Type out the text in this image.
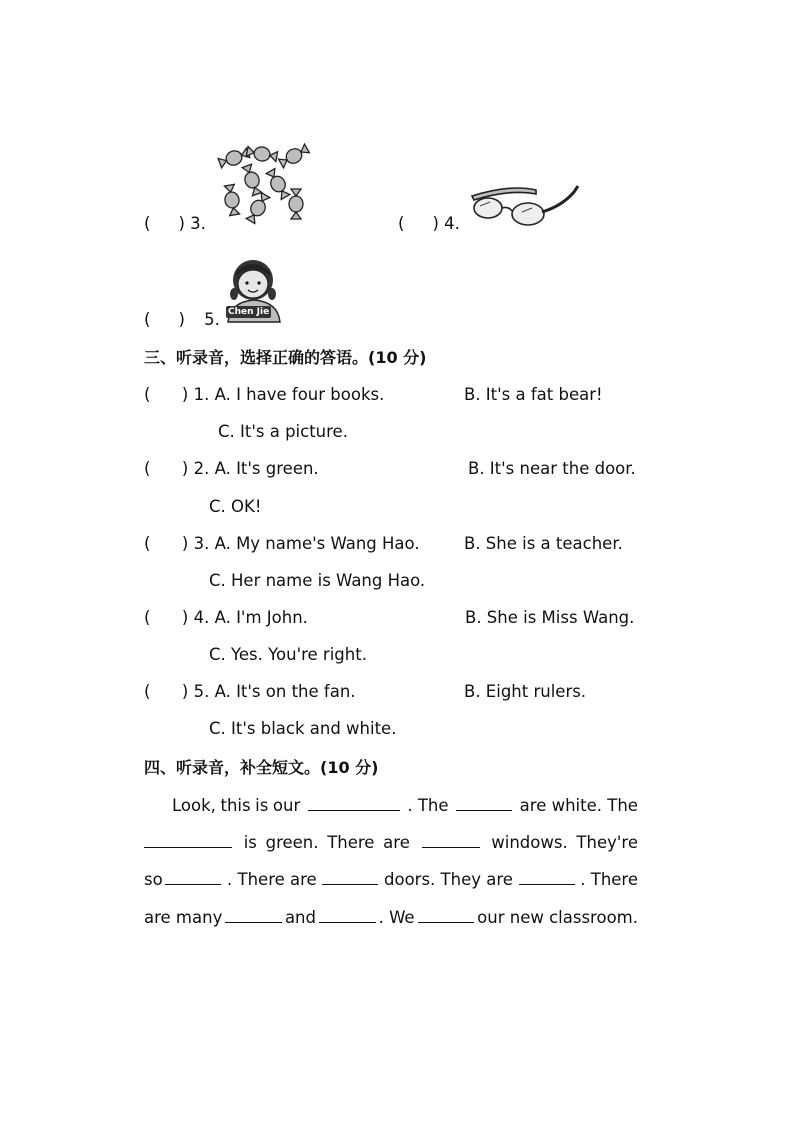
( ) 3.	( ) 4.
( ) 5. Chen Jie
三、听录音，选择正确的答语。(10 分)
(      ) 1. A. I have four books.	B. It's a fat bear!
C. It's a picture.
(      ) 2. A. It's green.	B. It's near the door.
C. OK!
(      ) 3. A. My name's Wang Hao.	B. She is a teacher.
C. Her name is Wang Hao.
(      ) 4. A. I'm John.	B. She is Miss Wang.
C. Yes. You're right.
(      ) 5. A. It's on the fan.	B. Eight rulers.
C. It's black and white.
四、听录音，补全短文。(10 分)
Look, this is our	. The	are white. The
is green. There are	windows. They're
so	. There are	doors. They are	. There
are many	and	. We	our new classroom.
